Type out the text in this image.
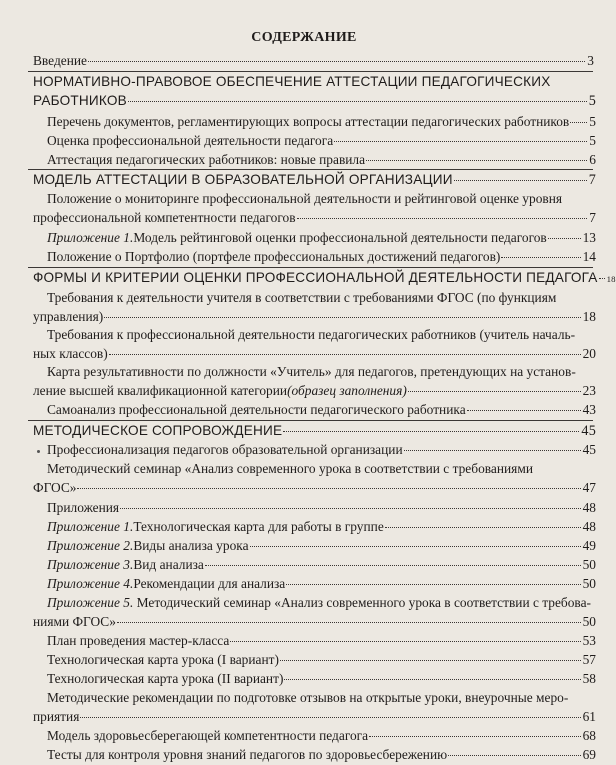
СОДЕРЖАНИЕ
Введение	3
НОРМАТИВНО-ПРАВОВОЕ ОБЕСПЕЧЕНИЕ АТТЕСТАЦИИ ПЕДАГОГИЧЕСКИХ
РАБОТНИКОВ	5
Перечень документов, регламентирующих вопросы аттестации педагогических работников 5
Оценка профессиональной деятельности педагога	5
Аттестация педагогических работников: новые правила	6
МОДЕЛЬ АТТЕСТАЦИИ В ОБРАЗОВАТЕЛЬНОЙ ОРГАНИЗАЦИИ	7
Положение о мониторинге профессиональной деятельности и рейтинговой оценке уровня
профессиональной компетентности педагогов	7
Приложение 1. Модель рейтинговой оценки профессиональной деятельности педагогов	13
Положение о Портфолио (портфеле профессиональных достижений педагогов)	14
ФОРМЫ И КРИТЕРИИ ОЦЕНКИ ПРОФЕССИОНАЛЬНОЙ ДЕЯТЕЛЬНОСТИ ПЕДАГОГА 18
Требования к деятельности учителя в соответствии с требованиями ФГОС (по функциям
управления)	18
Требования к профессиональной деятельности педагогических работников (учитель началь-
ных классов)	20
Карта результативности по должности «Учитель» для педагогов, претендующих на установ-
ление высшей квалификационной категории (образец заполнения)	23
Самоанализ профессиональной деятельности педагогического работника	43
МЕТОДИЧЕСКОЕ СОПРОВОЖДЕНИЕ	45
Профессионализация педагогов образовательной организации	45
Методический семинар «Анализ современного урока в соответствии с требованиями
ФГОС»	47
Приложения	48
Приложение 1. Технологическая карта для работы в группе	48
Приложение 2. Виды анализа урока	49
Приложение 3. Вид анализа	50
Приложение 4. Рекомендации для анализа	50
Приложение 5. Методический семинар «Анализ современного урока в соответствии с требова-
ниями ФГОС»	50
План проведения мастер-класса	53
Технологическая карта урока (I вариант)	57
Технологическая карта урока (II вариант)	58
Методические рекомендации по подготовке отзывов на открытые уроки, внеурочные меро-
приятия	61
Модель здоровьесберегающей компетентности педагога	68
Тесты для контроля уровня знаний педагогов по здоровьесбережению	69
